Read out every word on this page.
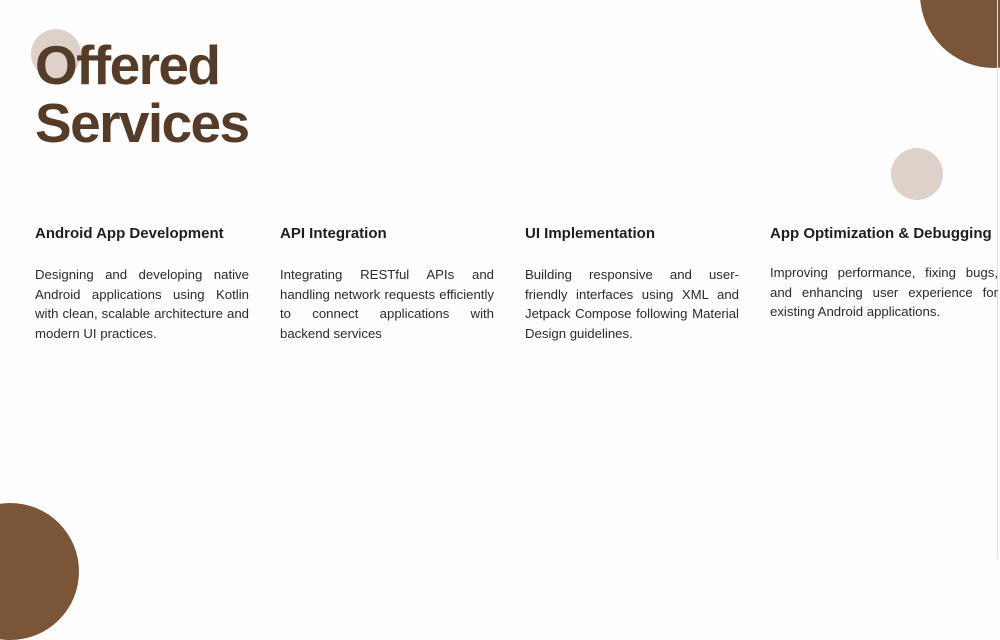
Offered
Services
Android App Development

Designing and developing native Android applications using Kotlin with clean, scalable architecture and modern UI practices.

API Integration

Integrating RESTful APIs and handling network requests efficiently to connect applications with backend services

UI Implementation

Building responsive and user-friendly interfaces using XML and Jetpack Compose following Material Design guidelines.

App Optimization & Debugging

Improving performance, fixing bugs, and enhancing user experience for existing Android applications.
